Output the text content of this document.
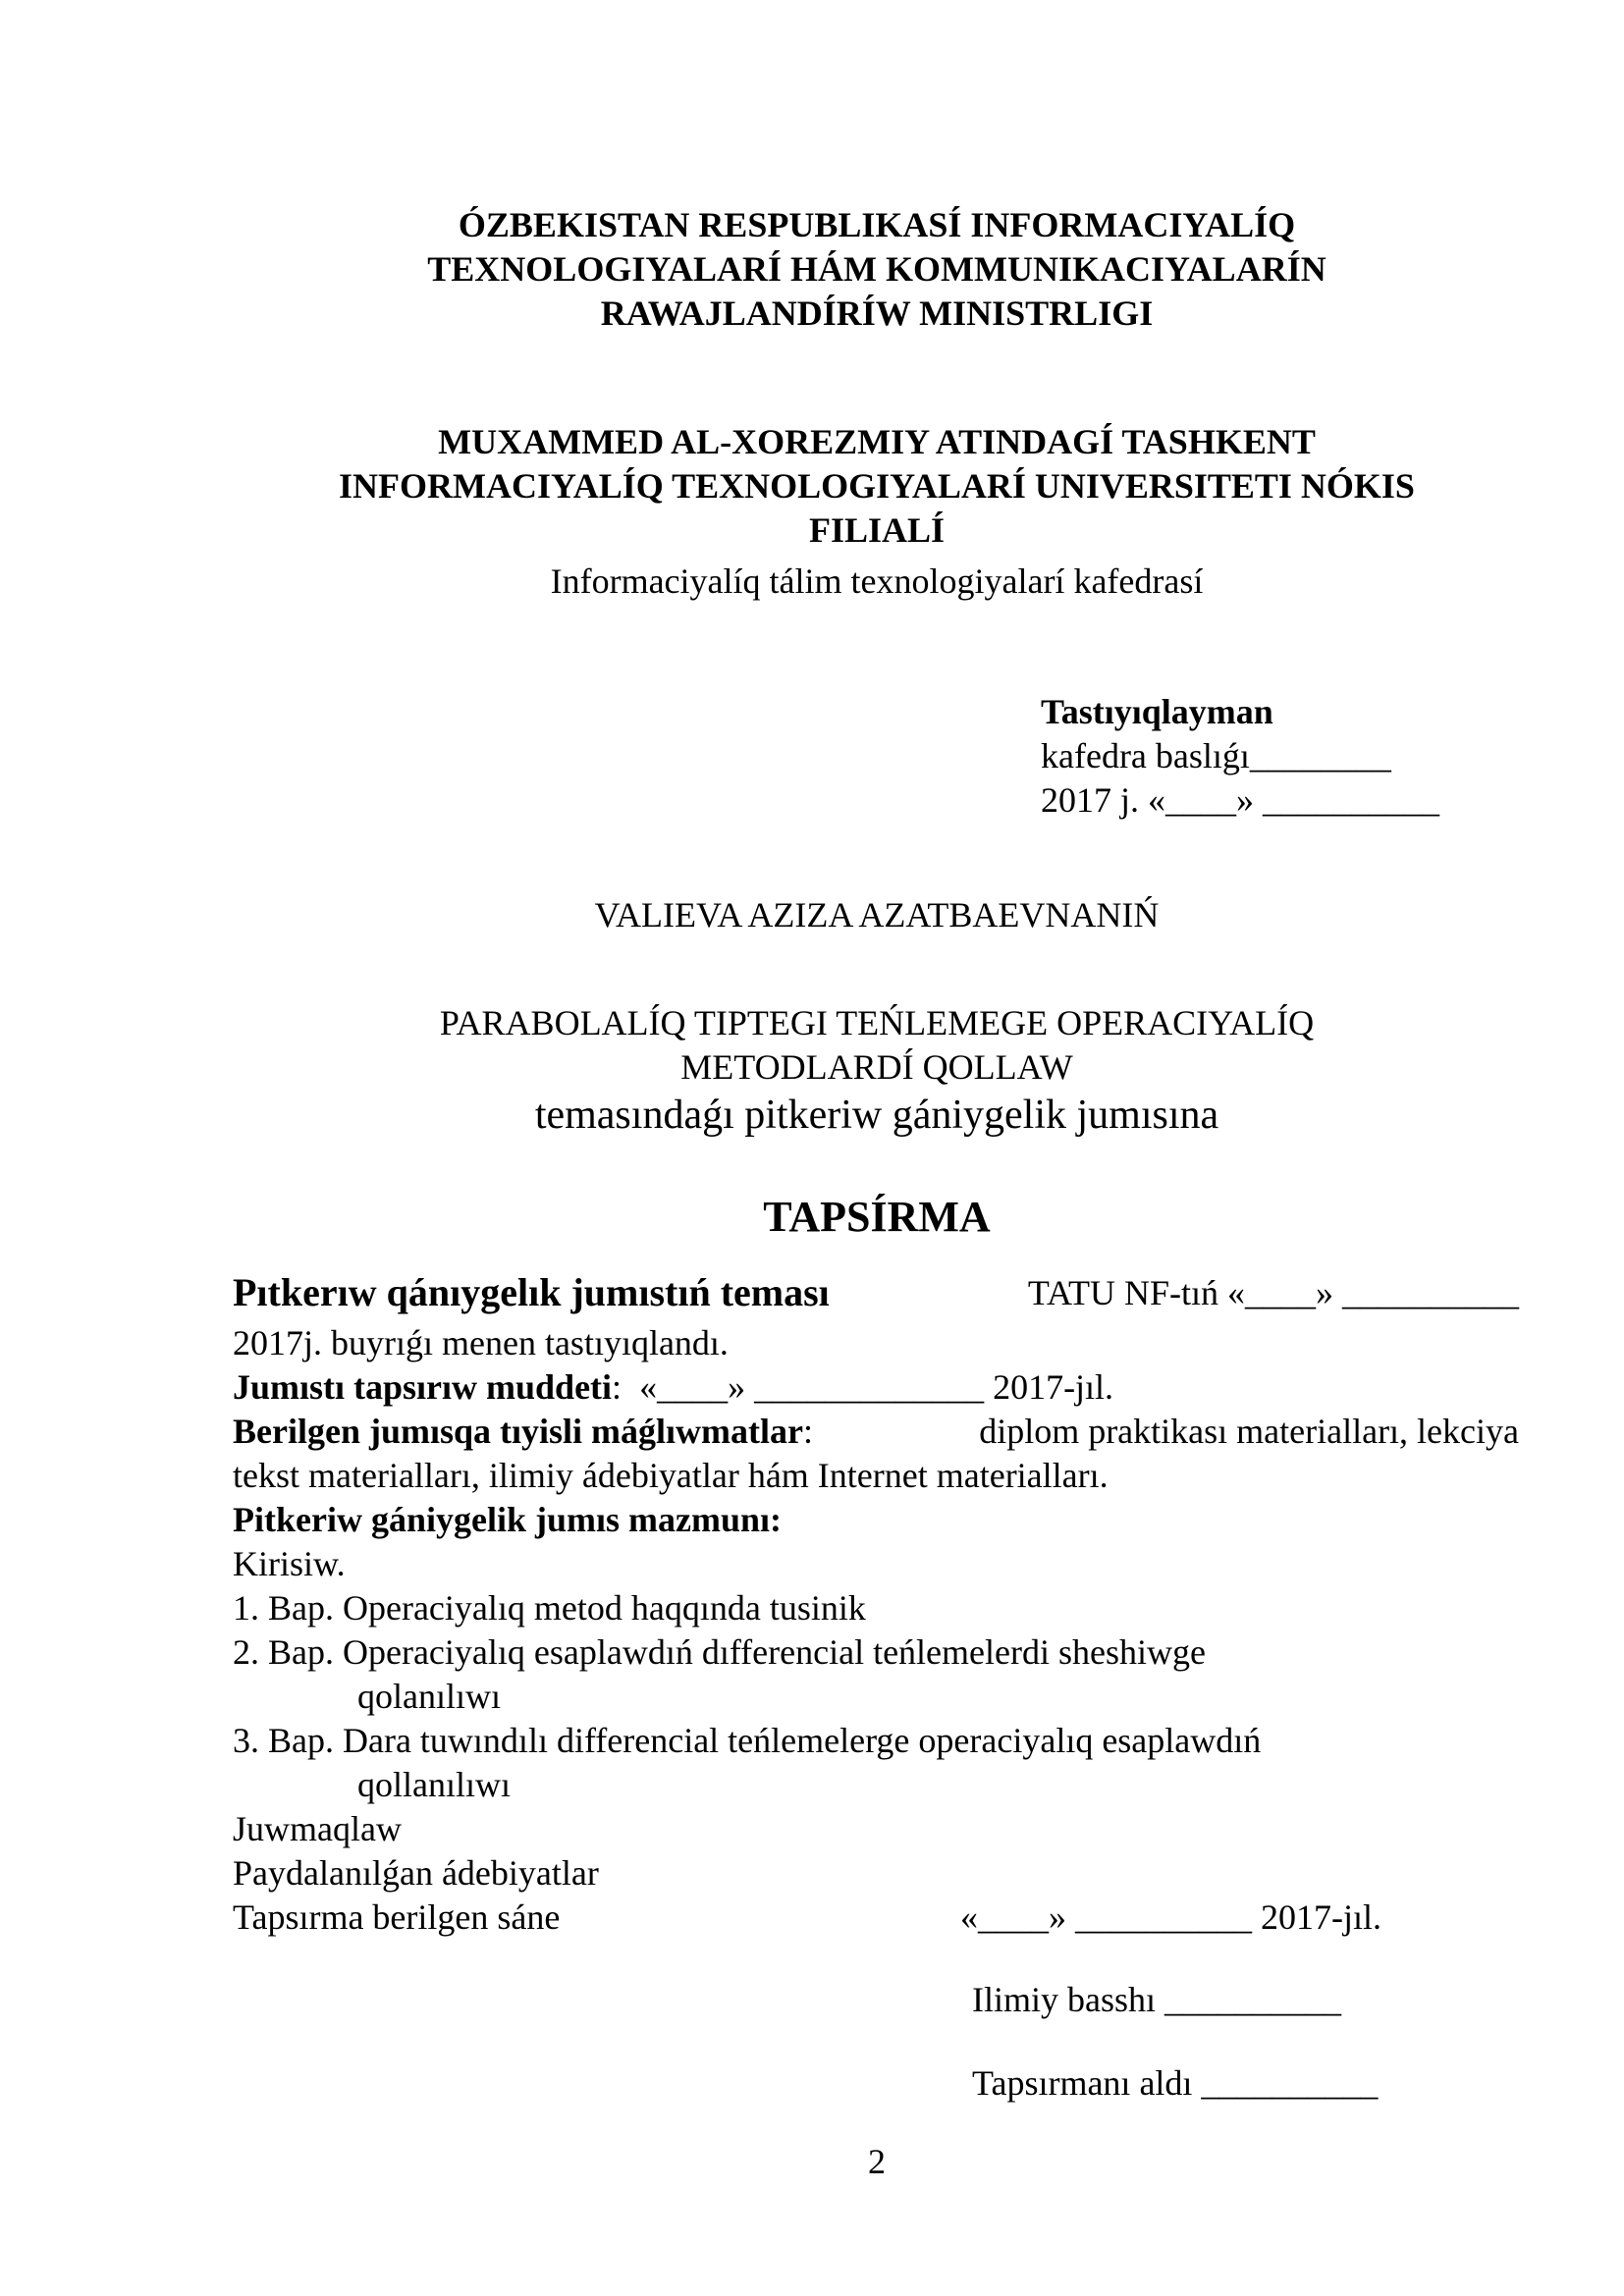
ÓZBEKISTAN RESPUBLIKASÍ INFORMACIYALÍQ
TEXNOLOGIYALARÍ HÁM KOMMUNIKACIYALARÍN
RAWAJLANDÍRÍW MINISTRLIGI
MUXAMMED AL-XOREZMIY ATINDAGÍ TASHKENT
INFORMACIYALÍQ TEXNOLOGIYALARÍ UNIVERSITETI NÓKIS
FILIALÍ
Informaciyalíq tálim texnologiyalarí kafedrasí
Tastıyıqlayman
kafedra baslıǵı________
2017 j. «____» __________
VALIEVA AZIZA AZATBAEVNANIŃ
PARABOLALÍQ TIPTEGI TEŃLEMEGE OPERACIYALÍQ
METODLARDÍ QOLLAW
temasındaǵı pitkeriw gániygelik jumısına
TAPSÍRMA
Pıtkerıw qánıygelık jumıstıń teması	TATU NF-tıń «____» __________
2017j. buyrıǵı menen tastıyıqlandı.
Jumıstı tapsırıw muddeti: «____» _____________ 2017-jıl.
Berilgen jumısqa tıyisli máǵlıwmatlar:	diplom praktikası materialları, lekciya
tekst materialları, ilimiy ádebiyatlar hám Internet materialları.
Pitkeriw gániygelik jumıs mazmunı:
Kirisiw.
1. Bap. Operaciyalıq metod haqqında tusinik
2. Bap. Operaciyalıq esaplawdıń dıfferencial teńlemelerdi sheshiwge
qolanılıwı
3. Bap. Dara tuwındılı differencial teńlemelerge operaciyalıq esaplawdıń
qollanılıwı
Juwmaqlaw
Paydalanılǵan ádebiyatlar
Tapsırma berilgen sáne	«____» __________ 2017-jıl.
Ilimiy basshı __________
Tapsırmanı aldı __________
2
